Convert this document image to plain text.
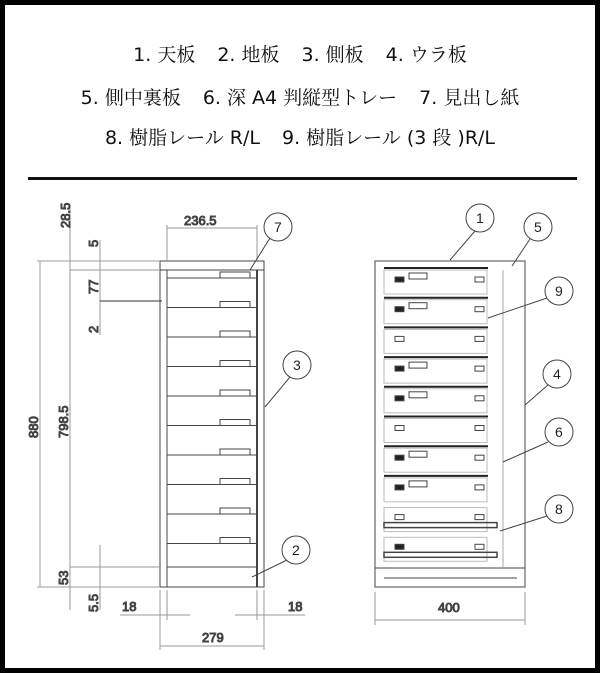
1. 天板 2. 地板 3. 側板 4. ウラ板
5. 側中裏板 6. 深 A4 判縦型トレー 7. 見出し紙
8. 樹脂レール R/L 9. 樹脂レール (3 段 )R/L
28.5	236.5
5
77
2
880 798.5
53
5.5 18	18
279
7
3
2
400
1
5
9
4
6
8
